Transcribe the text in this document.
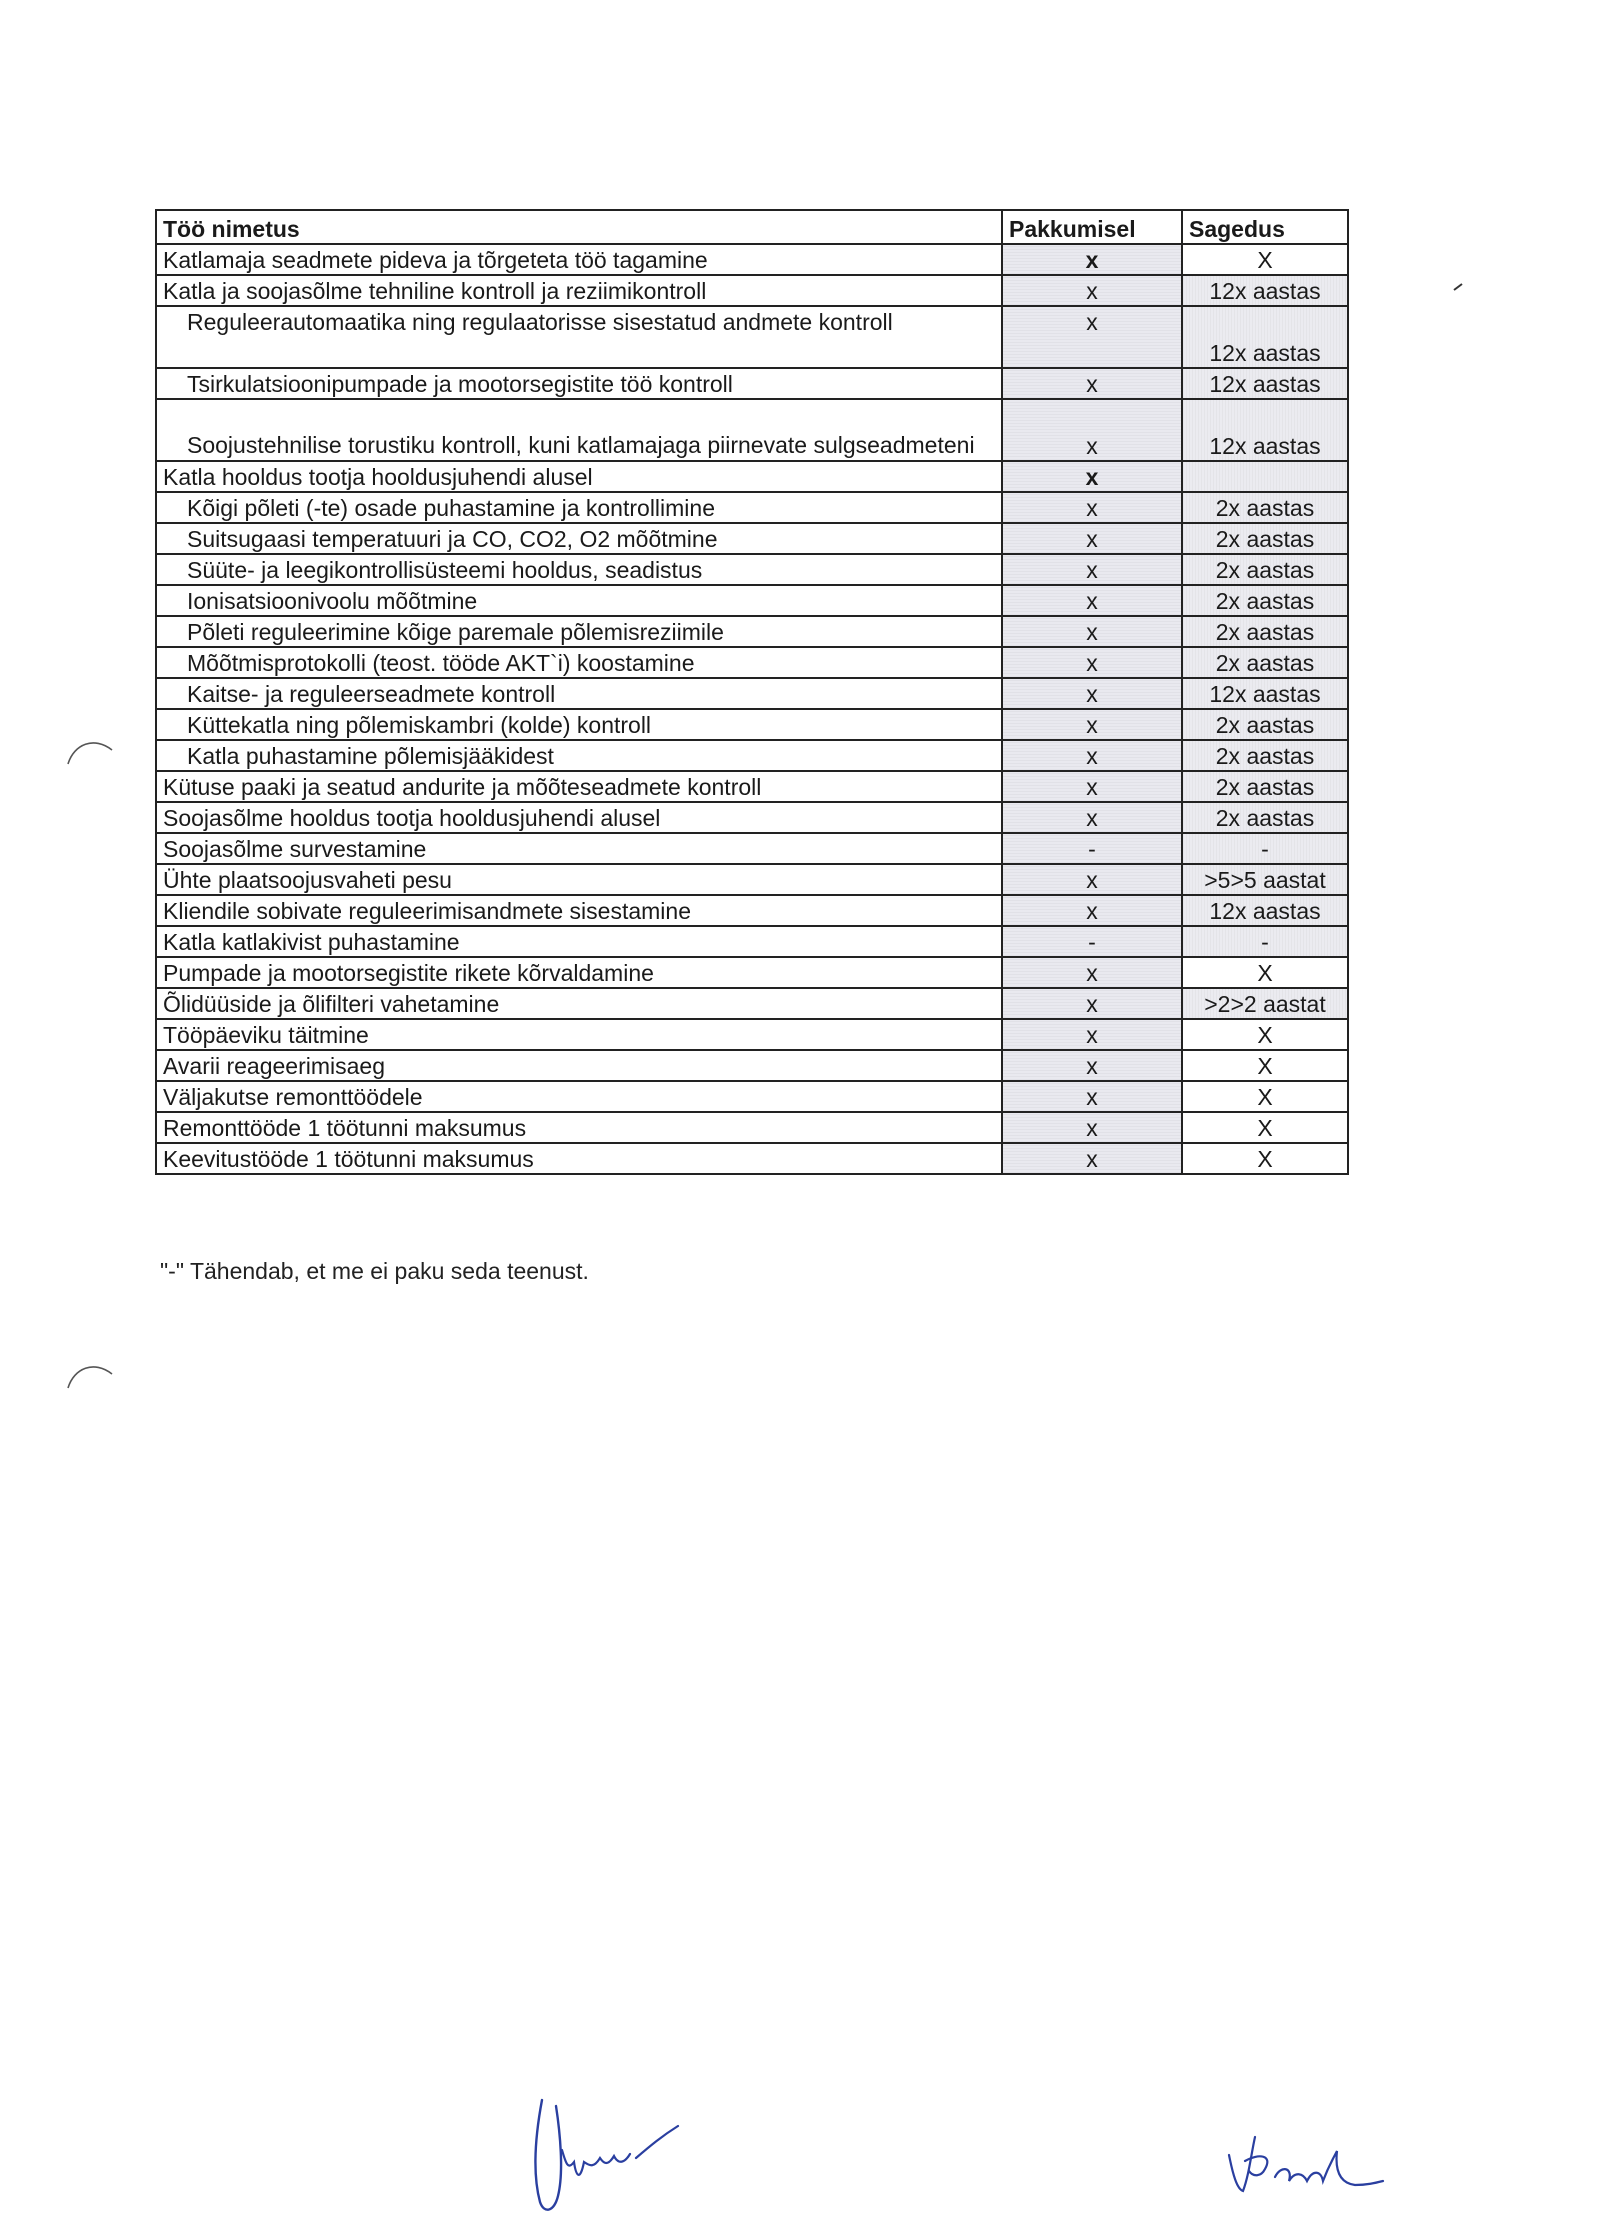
Töö nimetus	Pakkumisel	Sagedus
Katlamaja seadmete pideva ja tõrgeteta töö tagamine	x	X
Katla ja soojasõlme tehniline kontroll ja reziimikontroll	x	12x aastas
Reguleerautomaatika ning regulaatorisse sisestatud andmete kontroll	x	12x aastas
Tsirkulatsioonipumpade ja mootorsegistite töö kontroll	x	12x aastas
Soojustehnilise torustiku kontroll, kuni katlamajaga piirnevate sulgseadmeteni	x	12x aastas
Katla hooldus tootja hooldusjuhendi alusel	x	
Kõigi põleti (-te) osade puhastamine ja kontrollimine	x	2x aastas
Suitsugaasi temperatuuri ja CO, CO2, O2 mõõtmine	x	2x aastas
Süüte- ja leegikontrollisüsteemi hooldus, seadistus	x	2x aastas
Ionisatsioonivoolu mõõtmine	x	2x aastas
Põleti reguleerimine kõige paremale põlemisreziimile	x	2x aastas
Mõõtmisprotokolli (teost. tööde AKT`i) koostamine	x	2x aastas
Kaitse- ja reguleerseadmete kontroll	x	12x aastas
Küttekatla ning põlemiskambri (kolde) kontroll	x	2x aastas
Katla puhastamine põlemisjääkidest	x	2x aastas
Kütuse paaki ja seatud andurite ja mõõteseadmete kontroll	x	2x aastas
Soojasõlme hooldus tootja hooldusjuhendi alusel	x	2x aastas
Soojasõlme survestamine	-	-
Ühte plaatsoojusvaheti pesu	x	>5>5 aastat
Kliendile sobivate reguleerimisandmete sisestamine	x	12x aastas
Katla katlakivist puhastamine	-	-
Pumpade ja mootorsegistite rikete kõrvaldamine	x	X
Õlidüüside ja õlifilteri vahetamine	x	>2>2 aastat
Tööpäeviku täitmine	x	X
Avarii reageerimisaeg	x	X
Väljakutse remonttöödele	x	X
Remonttööde 1 töötunni maksumus	x	X
Keevitustööde 1 töötunni maksumus	x	X
"-" Tähendab, et me ei paku seda teenust.
